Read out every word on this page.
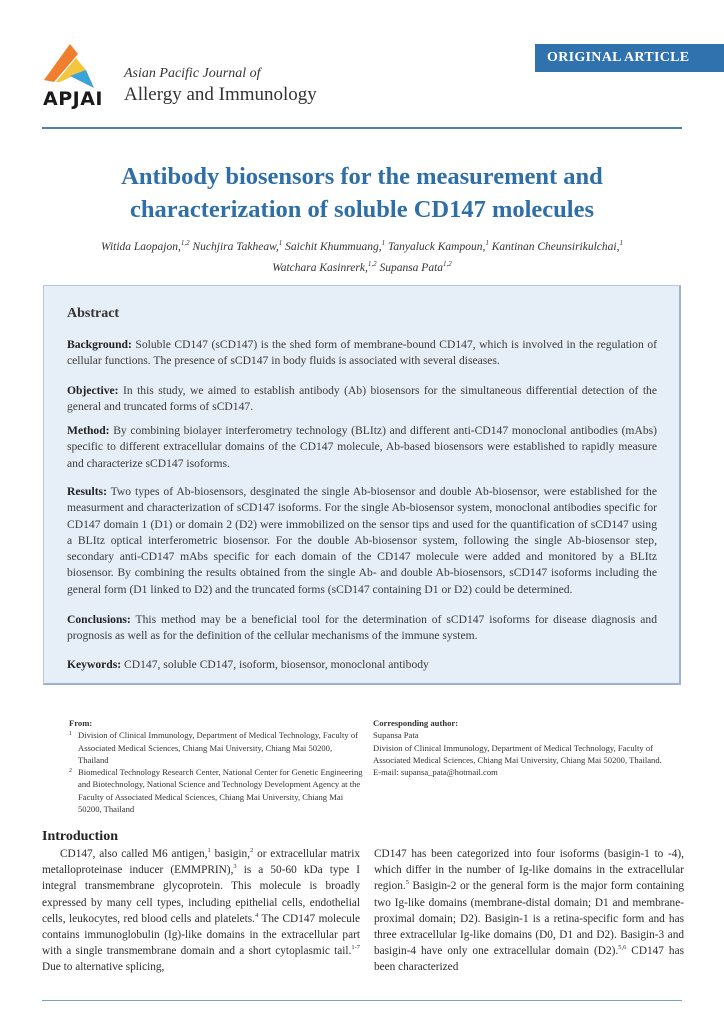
ORIGINAL ARTICLE
APJAI
Asian Pacific Journal of
Allergy and Immunology
Antibody biosensors for the measurement and
characterization of soluble CD147 molecules
Witida Laopajon,$^{1,2}$ Nuchjira Takheaw,$^1$ Saichit Khummuang,$^1$ Tanyaluck Kampoun,$^1$ Kantinan Cheunsirikulchai,$^1$
Watchara Kasinrerk,$^{1,2}$ Supansa Pata$^{1,2}$
Abstract

Background: Soluble CD147 (sCD147) is the shed form of membrane-bound CD147, which is involved in the regulation of cellular functions. The presence of sCD147 in body fluids is associated with several diseases.

Objective: In this study, we aimed to establish antibody (Ab) biosensors for the simultaneous differential detection of the general and truncated forms of sCD147.

Method: By combining biolayer interferometry technology (BLItz) and different anti-CD147 monoclonal antibodies (mAbs) specific to different extracellular domains of the CD147 molecule, Ab-based biosensors were established to rapidly measure and characterize sCD147 isoforms.

Results: Two types of Ab-biosensors, desginated the single Ab-biosensor and double Ab-biosensor, were established for the measurment and characterization of sCD147 isoforms. For the single Ab-biosensor system, monoclonal antibodies specific for CD147 domain 1 (D1) or domain 2 (D2) were immobilized on the sensor tips and used for the quantification of sCD147 using a BLItz optical interferometric biosensor. For the double Ab-biosensor system, following the single Ab-biosensor step, secondary anti-CD147 mAbs specific for each domain of the CD147 molecule were added and monitored by a BLItz biosensor. By combining the results obtained from the single Ab- and double Ab-biosensors, sCD147 isoforms including the general form (D1 linked to D2) and the truncated forms (sCD147 containing D1 or D2) could be determined.

Conclusions: This method may be a beneficial tool for the determination of sCD147 isoforms for disease diagnosis and prognosis as well as for the definition of the cellular mechanisms of the immune system.

Keywords: CD147, soluble CD147, isoform, biosensor, monoclonal antibody

From:
1 Division of Clinical Immunology, Department of Medical Technology, Faculty of Associated Medical Sciences, Chiang Mai University, Chiang Mai 50200, Thailand
2 Biomedical Technology Research Center, National Center for Genetic Engineering and Biotechnology, National Science and Technology Development Agency at the Faculty of Associated Medical Sciences, Chiang Mai University, Chiang Mai 50200, Thailand
Corresponding author:
Supansa Pata
Division of Clinical Immunology, Department of Medical Technology, Faculty of Associated Medical Sciences, Chiang Mai University, Chiang Mai 50200, Thailand.
E-mail: supansa_pata@hotmail.com
Introduction

CD147, also called M6 antigen,$^1$ basigin,$^2$ or extracellular matrix metalloproteinase inducer (EMMPRIN),$^3$ is a 50-60 kDa type I integral transmembrane glycoprotein. This molecule is broadly expressed by many cell types, including epithelial cells, endothelial cells, leukocytes, red blood cells and platelets.$^4$ The CD147 molecule contains immunoglobulin (Ig)-like domains in the extracellular part with a single transmembrane domain and a short cytoplasmic tail.$^{1-7}$ Due to alternative splicing,

CD147 has been categorized into four isoforms (basigin-1 to -4), which differ in the number of Ig-like domains in the extracellular region.$^5$ Basigin-2 or the general form is the major form containing two Ig-like domains (membrane-distal domain; D1 and membrane-proximal domain; D2). Basigin-1 is a retina-specific form and has three extracellular Ig-like domains (D0, D1 and D2). Basigin-3 and basigin-4 have only one extracellular domain (D2).$^{5,6}$ CD147 has been characterized
